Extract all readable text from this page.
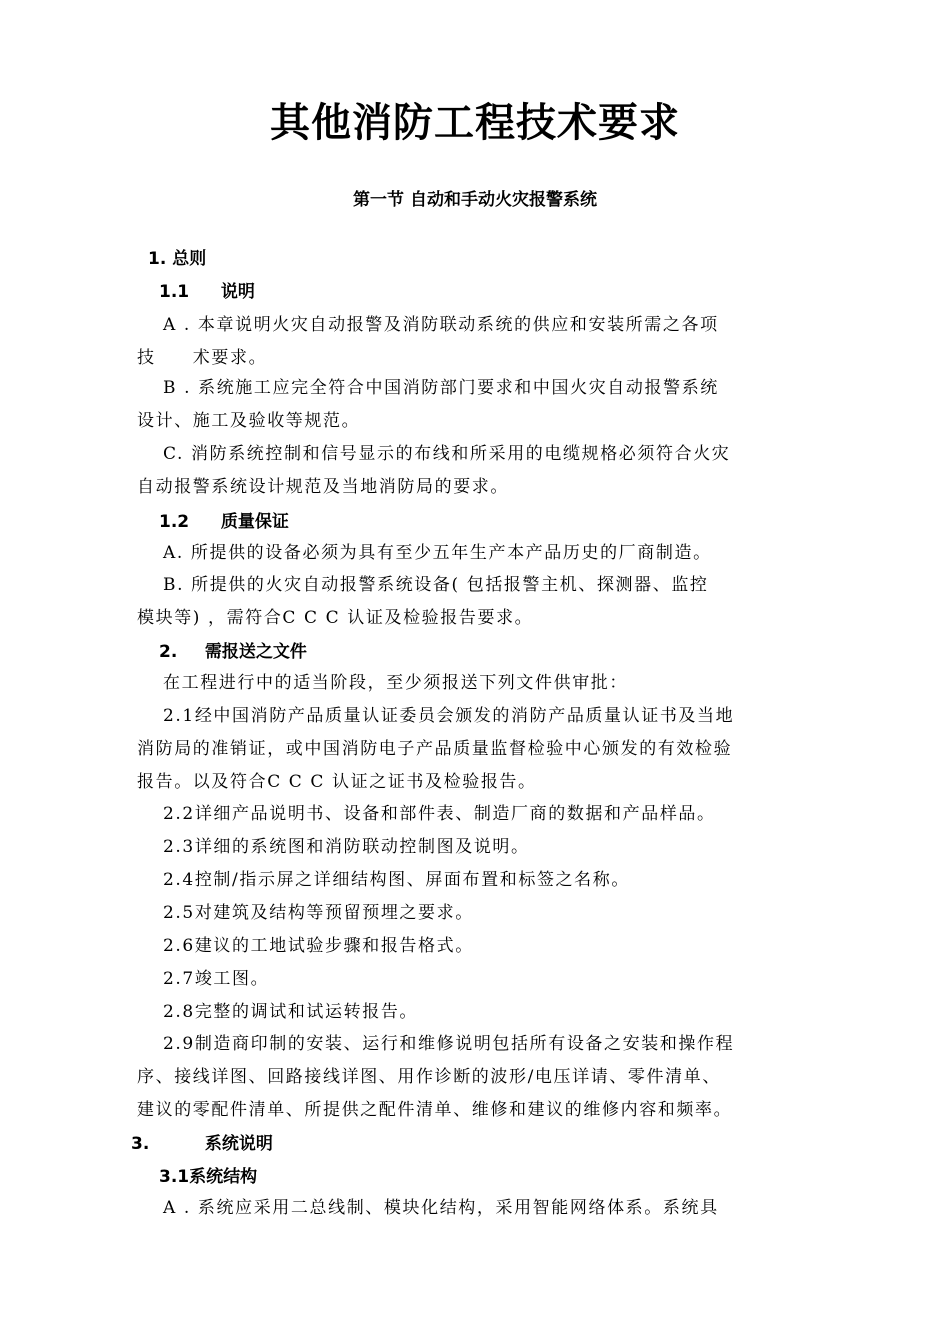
其他消防工程技术要求
第一节 自动和手动火灾报警系统
1. 总则
1.1 说明
A . 本章说明火灾自动报警及消防联动系统的供应和安装所需之各项
技　　术要求。
B . 系统施工应完全符合中国消防部门要求和中国火灾自动报警系统
设计、施工及验收等规范。
C. 消防系统控制和信号显示的布线和所采用的电缆规格必须符合火灾
自动报警系统设计规范及当地消防局的要求。
1.2 质量保证
A. 所提供的设备必须为具有至少五年生产本产品历史的厂商制造。
B. 所提供的火灾自动报警系统设备( 包括报警主机、探测器、监控
模块等) ，需符合C C C 认证及检验报告要求。
2. 需报送之文件
在工程进行中的适当阶段，至少须报送下列文件供审批：
2.1经中国消防产品质量认证委员会颁发的消防产品质量认证书及当地
消防局的准销证，或中国消防电子产品质量监督检验中心颁发的有效检验
报告。以及符合C C C 认证之证书及检验报告。
2.2详细产品说明书、设备和部件表、制造厂商的数据和产品样品。
2.3详细的系统图和消防联动控制图及说明。
2.4控制/指示屏之详细结构图、屏面布置和标签之名称。
2.5对建筑及结构等预留预埋之要求。
2.6建议的工地试验步骤和报告格式。
2.7竣工图。
2.8完整的调试和试运转报告。
2.9制造商印制的安装、运行和维修说明包括所有设备之安装和操作程
序、接线详图、回路接线详图、用作诊断的波形/电压详请、零件清单、
建议的零配件清单、所提供之配件清单、维修和建议的维修内容和频率。
3.	系统说明
3.1系统结构
A . 系统应采用二总线制、模块化结构，采用智能网络体系。系统具
